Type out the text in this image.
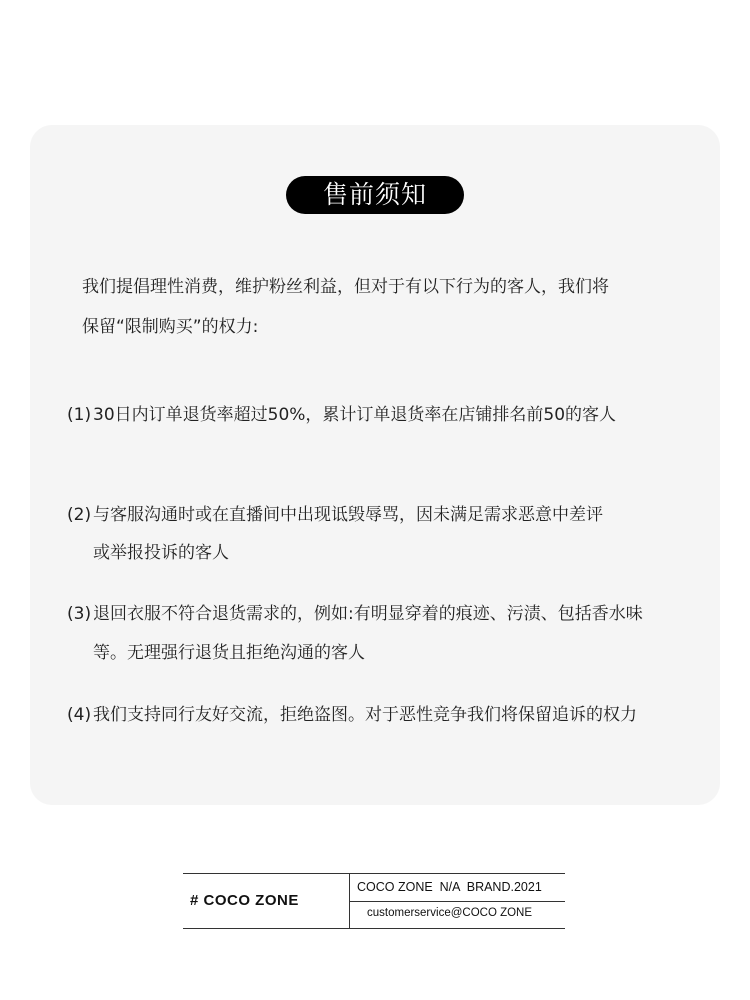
售前须知
我们提倡理性消费，维护粉丝利益，但对于有以下行为的客人，我们将
保留“限制购买”的权力:
(1) 30日内订单退货率超过50%，累计订单退货率在店铺排名前50的客人
(2) 与客服沟通时或在直播间中出现诋毁辱骂，因未满足需求恶意中差评
或举报投诉的客人
(3) 退回衣服不符合退货需求的，例如:有明显穿着的痕迹、污渍、包括香水味
等。无理强行退货且拒绝沟通的客人
(4) 我们支持同行友好交流，拒绝盗图。对于恶性竞争我们将保留追诉的权力
# COCO ZONE
COCO ZONE  N/A  BRAND.2021
customerservice@COCO ZONE
